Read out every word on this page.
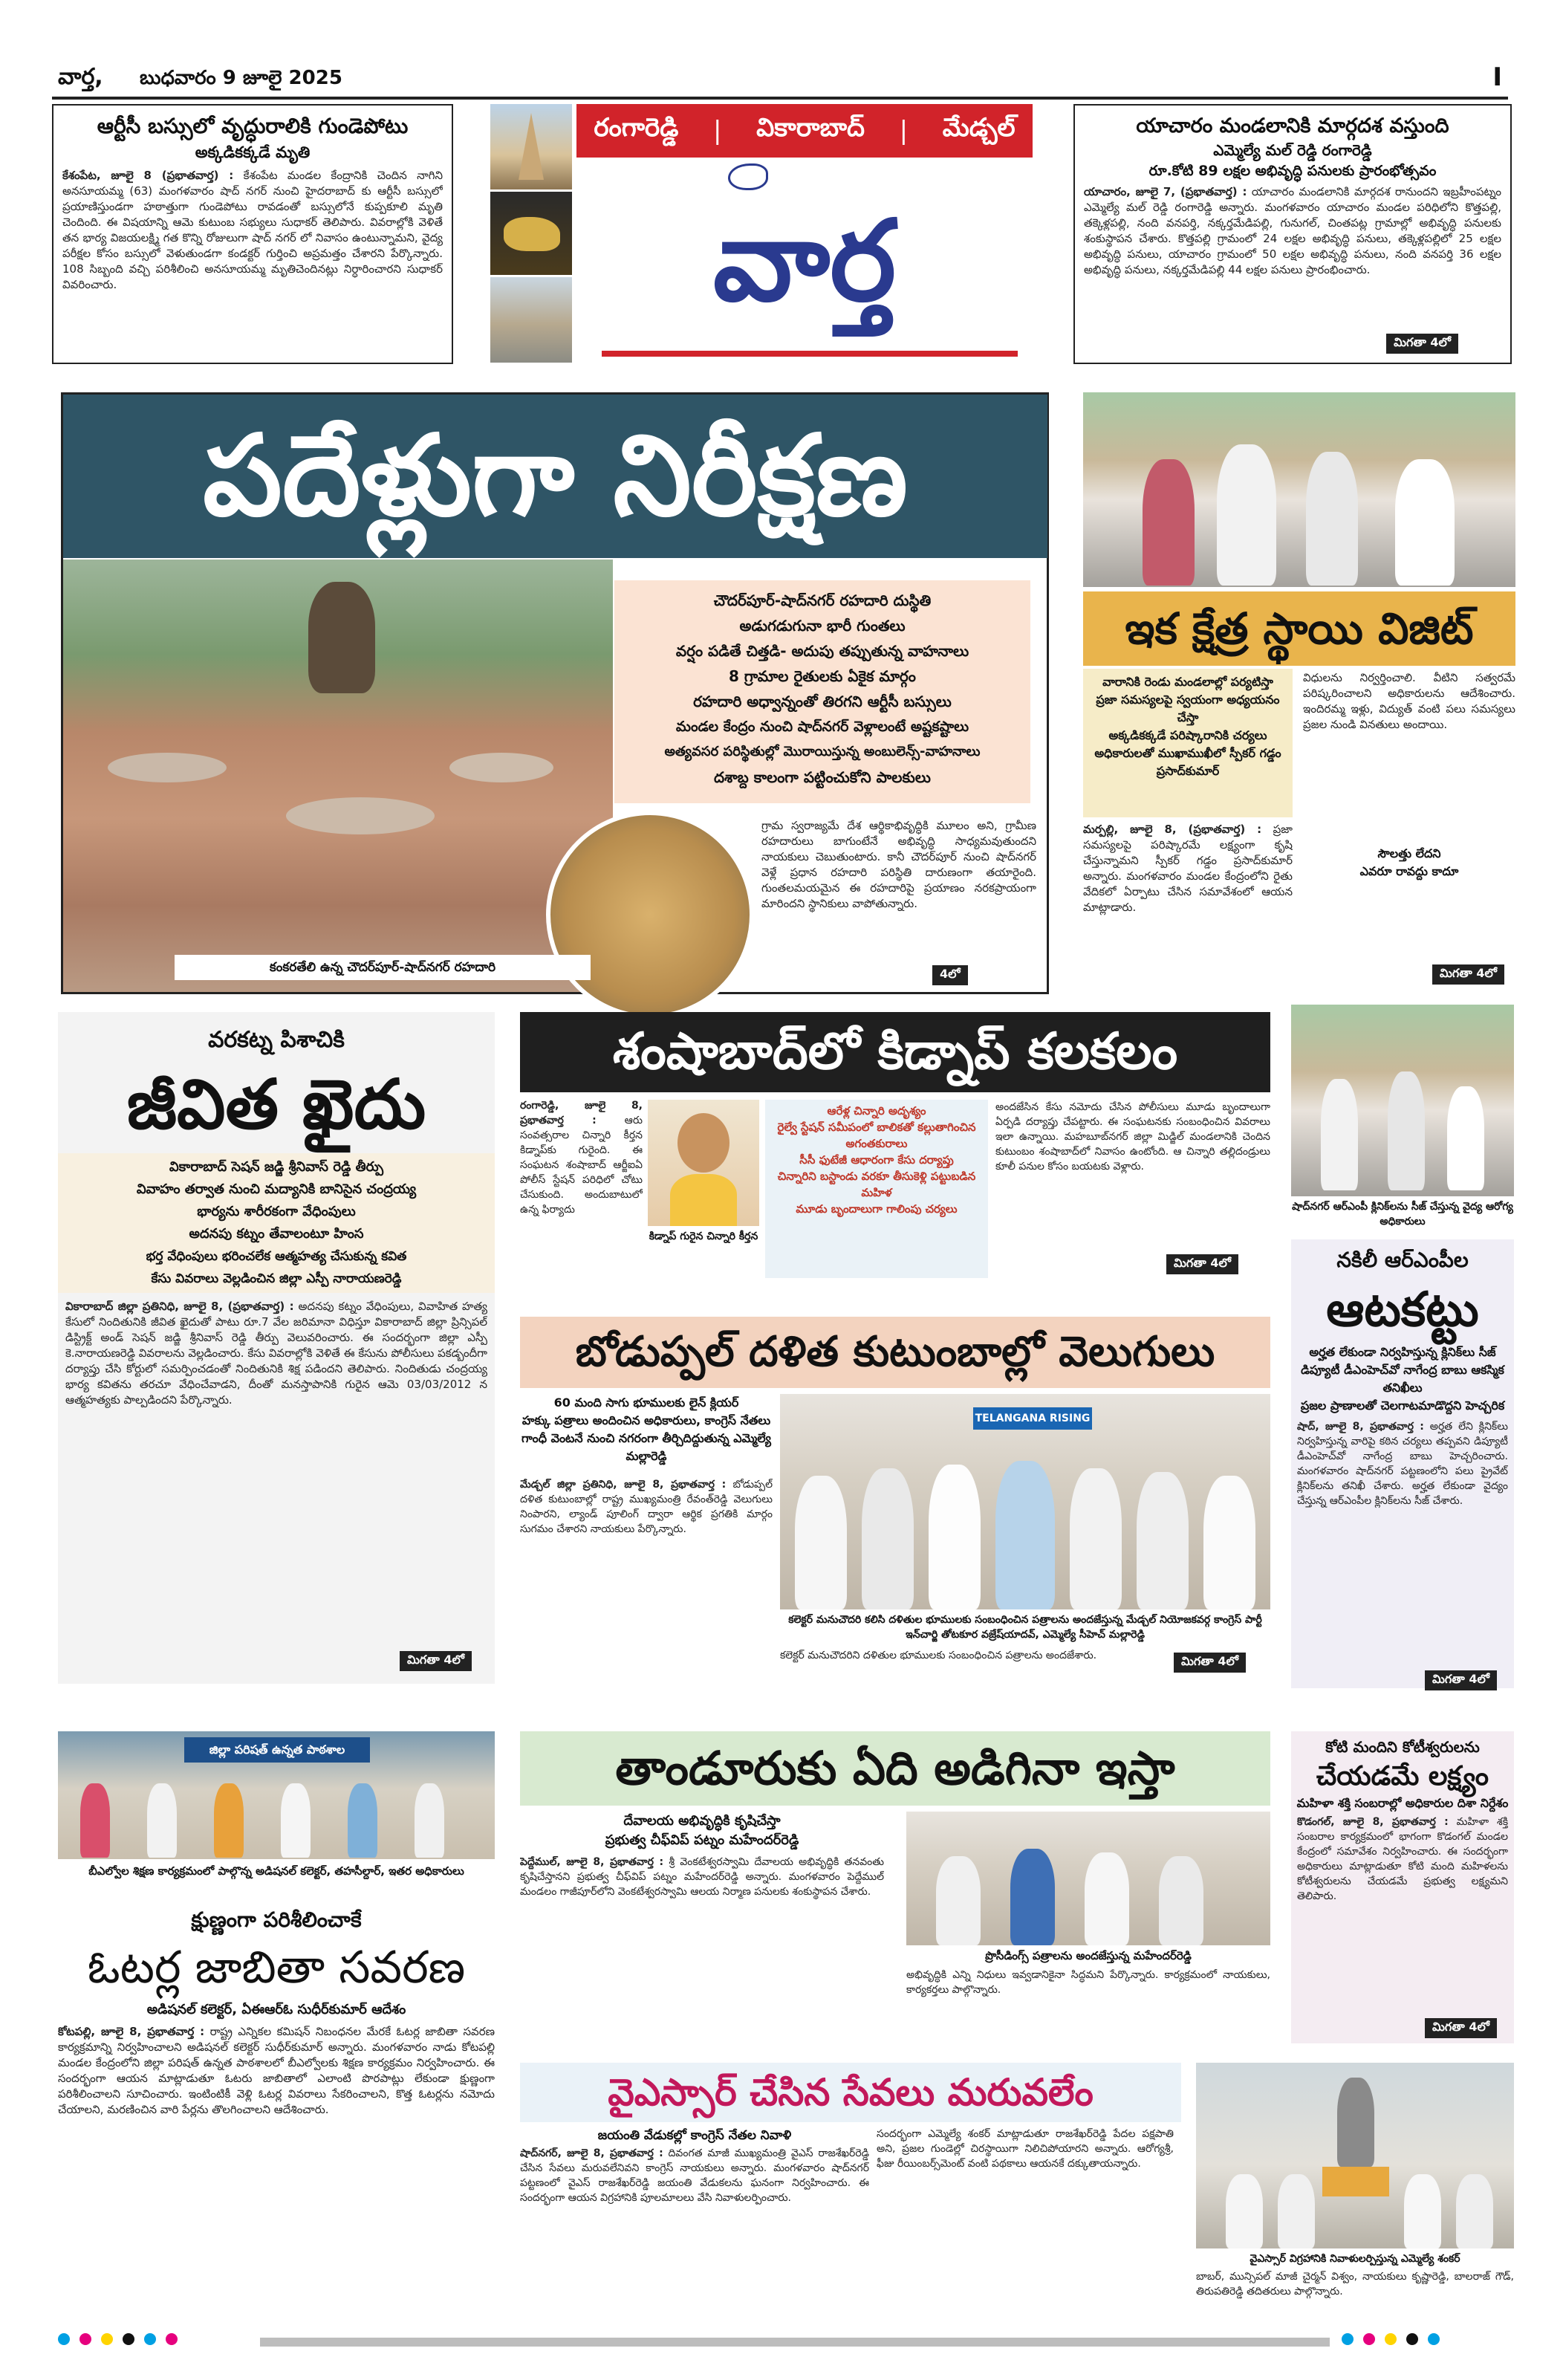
వార్త, బుధవారం 9 జూలై 2025	I
ఆర్టీసీ బస్సులో వృద్ధురాలికి గుండెపోటు
అక్కడికక్కడే మృతి
కేశంపేట, జూలై 8 (ప్రభాతవార్త) : కేశంపేట మండల కేంద్రానికి చెందిన నాగిని అనసూయమ్మ (63) మంగళవారం షాద్ నగర్ నుంచి హైదరాబాద్ కు ఆర్టీసీ బస్సులో ప్రయాణిస్తుండగా హఠాత్తుగా గుండెపోటు రావడంతో బస్సులోనే కుప్పకూలి మృతి చెందింది. ఈ విషయాన్ని ఆమె కుటుంబ సభ్యులు సుధాకర్ తెలిపారు. వివరాల్లోకి వెళితే తన భార్య విజయలక్ష్మి గత కొన్ని రోజులుగా షాద్ నగర్ లో నివాసం ఉంటున్నామని, వైద్య పరీక్షల కోసం బస్సులో వెళుతుండగా కండక్టర్ గుర్తించి అప్రమత్తం చేశారని పేర్కొన్నారు. 108 సిబ్బంది వచ్చి పరిశీలించి అనసూయమ్మ మృతిచెందినట్లు నిర్ధారించారని సుధాకర్ వివరించారు.
రంగారెడ్డి | వికారాబాద్ | మేడ్చల్
వార్త
యాచారం మండలానికి మార్గదశ వస్తుంది
ఎమ్మెల్యే మల్ రెడ్డి రంగారెడ్డి
రూ.కోటి 89 లక్షల అభివృద్ధి పనులకు ప్రారంభోత్సవం
యాచారం, జూలై 7, (ప్రభాతవార్త) : యాచారం మండలానికి మార్గదశ రానుందని ఇబ్రహీంపట్నం ఎమ్మెల్యే మల్ రెడ్డి రంగారెడ్డి అన్నారు. మంగళవారం యాచారం మండల పరిధిలోని కొత్తపల్లి, తక్కెళ్లపల్లి, నంది వనపర్తి, నక్కర్తమేడిపల్లి, గునుగల్, చింతపట్ల గ్రామాల్లో అభివృద్ధి పనులకు శంకుస్థాపన చేశారు. కొత్తపల్లి గ్రామంలో 24 లక్షల అభివృద్ధి పనులు, తక్కెళ్లపల్లిలో 25 లక్షల అభివృద్ధి పనులు, యాచారం గ్రామంలో 50 లక్షల అభివృద్ధి పనులు, నంది వనపర్తి 36 లక్షల అభివృద్ధి పనులు, నక్కర్తమేడిపల్లి 44 లక్షల పనులు ప్రారంభించారు.
మిగతా 4లో
పదేళ్లుగా నిరీక్షణ
కంకరతేలి ఉన్న చౌదర్‌పూర్-షాద్‌నగర్ రహదారి
చౌదర్‌పూర్-షాద్‌నగర్ రహదారి దుస్థితి
అడుగడుగునా భారీ గుంతలు
వర్షం పడితే చిత్తడి- అదుపు తప్పుతున్న వాహనాలు
8 గ్రామాల రైతులకు ఏకైక మార్గం
రహదారి అధ్వాన్నంతో తిరగని ఆర్టీసీ బస్సులు
మండల కేంద్రం నుంచి షాద్‌నగర్ వెళ్లాలంటే అష్టకష్టాలు
అత్యవసర పరిస్థితుల్లో మొరాయిస్తున్న అంబులెన్స్-వాహనాలు
దశాబ్ద కాలంగా పట్టించుకోని పాలకులు
గ్రామ స్వరాజ్యమే దేశ ఆర్థికాభివృద్ధికి మూలం అని, గ్రామీణ రహదారులు బాగుంటేనే అభివృద్ధి సాధ్యమవుతుందని నాయకులు చెబుతుంటారు. కానీ చౌదర్‌పూర్ నుంచి షాద్‌నగర్ వెళ్లే ప్రధాన రహదారి పరిస్థితి దారుణంగా తయారైంది. గుంతలమయమైన ఈ రహదారిపై ప్రయాణం నరకప్రాయంగా మారిందని స్థానికులు వాపోతున్నారు.
4లో
ఇక క్షేత్ర స్థాయి విజిట్
వారానికి రెండు మండలాల్లో పర్యటిస్తా
ప్రజా సమస్యలపై స్వయంగా అధ్యయనం చేస్తా
అక్కడికక్కడే పరిష్కారానికి చర్యలు
అధికారులతో ముఖాముఖీలో స్పీకర్ గడ్డం ప్రసాద్‌కుమార్
మర్పల్లి, జూలై 8, (ప్రభాతవార్త) : ప్రజా సమస్యలపై పరిష్కారమే లక్ష్యంగా కృషి చేస్తున్నామని స్పీకర్ గడ్డం ప్రసాద్‌కుమార్ అన్నారు. మంగళవారం మండల కేంద్రంలోని రైతు వేదికలో ఏర్పాటు చేసిన సమావేశంలో ఆయన మాట్లాడారు.
విధులను నిర్వర్తించాలి. వీటిని సత్వరమే పరిష్కరించాలని అధికారులను ఆదేశించారు. ఇందిరమ్మ ఇళ్లు, విద్యుత్ వంటి పలు సమస్యలు ప్రజల నుండి వినతులు అందాయి.
సౌలత్తు లేదని
ఎవరూ రావద్దు కాదూ
మిగతా 4లో
వరకట్న పిశాచికి
జీవిత ఖైదు
వికారాబాద్ సెషన్ జడ్జి శ్రీనివాస్ రెడ్డి తీర్పు
వివాహం తర్వాత నుంచి మద్యానికి బానిసైన చంద్రయ్య
భార్యను శారీరకంగా వేధింపులు
అదనపు కట్నం తేవాలంటూ హింస
భర్త వేధింపులు భరించలేక ఆత్మహత్య చేసుకున్న కవిత
కేసు వివరాలు వెల్లడించిన జిల్లా ఎస్పీ నారాయణరెడ్డి
వికారాబాద్ జిల్లా ప్రతినిధి, జూలై 8, (ప్రభాతవార్త) : అదనపు కట్నం వేధింపులు, వివాహిత హత్య కేసులో నిందితునికి జీవిత ఖైదుతో పాటు రూ.7 వేల జరిమానా విధిస్తూ వికారాబాద్ జిల్లా ప్రిన్సిపల్ డిస్ట్రిక్ట్ అండ్ సెషన్ జడ్జి శ్రీనివాస్ రెడ్డి తీర్పు వెలువరించారు. ఈ సందర్భంగా జిల్లా ఎస్పీ కె.నారాయణరెడ్డి వివరాలను వెల్లడించారు. కేసు వివరాల్లోకి వెళితే ఈ కేసును పోలీసులు పకడ్బందీగా దర్యాప్తు చేసి కోర్టులో సమర్పించడంతో నిందితునికి శిక్ష పడిందని తెలిపారు. నిందితుడు చంద్రయ్య భార్య కవితను తరచూ వేధించేవాడని, దీంతో మనస్తాపానికి గురైన ఆమె 03/03/2012 న ఆత్మహత్యకు పాల్పడిందని పేర్కొన్నారు.
మిగతా 4లో
శంషాబాద్‌లో కిడ్నాప్ కలకలం
రంగారెడ్డి, జూలై 8, ప్రభాతవార్త :	ఆరు సంవత్సరాల చిన్నారి కీర్తన కిడ్నాప్‌కు గురైంది. ఈ సంఘటన శంషాబాద్ ఆర్జీఐఏ పోలీస్ స్టేషన్ పరిధిలో చోటు చేసుకుంది. అందుబాటులో ఉన్న ఫిర్యాదు
కిడ్నాప్ గురైన చిన్నారి కీర్తన
ఆరేళ్ల చిన్నారి అదృశ్యం
రైల్వే స్టేషన్ సమీపంలో బాలికతో కల్లుతాగించిన అగంతకురాలు
సీసీ ఫుటేజీ ఆధారంగా కేసు దర్యాప్తు
చిన్నారిని బస్టాండు వరకూ తీసుకెళ్లి పట్టుబడిన మహిళ
మూడు బృందాలుగా గాలింపు చర్యలు
అందజేసిన కేసు నమోదు చేసిన పోలీసులు మూడు బృందాలుగా ఏర్పడి దర్యాప్తు చేపట్టారు. ఈ సంఘటనకు సంబంధించిన వివరాలు ఇలా ఉన్నాయి. మహబూబ్‌నగర్ జిల్లా మిడ్జిల్ మండలానికి చెందిన కుటుంబం శంషాబాద్‌లో నివాసం ఉంటోంది. ఆ చిన్నారి తల్లిదండ్రులు కూలీ పనుల కోసం బయటకు వెళ్లారు.
మిగతా 4లో
షాద్‌నగర్ ఆర్‌ఎంపీ క్లినిక్‌లను సీజ్ చేస్తున్న వైద్య ఆరోగ్య అధికారులు
నకిలీ ఆర్‌ఎంపీల
ఆటకట్టు
అర్హత లేకుండా నిర్వహిస్తున్న క్లినిక్‌లు సీజ్
డిప్యూటీ డీఎంహెచ్‌వో నాగేంద్ర బాబు ఆకస్మిక తనిఖీలు
ప్రజల ప్రాణాలతో చెలగాటమాడొద్దని హెచ్చరిక
షాద్, జూలై 8, ప్రభాతవార్త : అర్హత లేని క్లినిక్‌లు నిర్వహిస్తున్న వారిపై కఠిన చర్యలు తప్పవని డిప్యూటీ డీఎంహెచ్‌వో నాగేంద్ర బాబు హెచ్చరించారు. మంగళవారం షాద్‌నగర్ పట్టణంలోని పలు ప్రైవేట్ క్లినిక్‌లను తనిఖీ చేశారు. అర్హత లేకుండా వైద్యం చేస్తున్న ఆర్‌ఎంపీల క్లినిక్‌లను సీజ్ చేశారు.
మిగతా 4లో
బోడుప్పల్ దళిత కుటుంబాల్లో వెలుగులు
60 మంది సాగు భూములకు లైన్ క్లియర్
హక్కు పత్రాలు అందించిన అధికారులు, కాంగ్రెస్ నేతలు
గాంధీ వెంటనే నుంచి నగరంగా తీర్చిదిద్దుతున్న ఎమ్మెల్యే మల్లారెడ్డి
మేడ్చల్ జిల్లా ప్రతినిధి, జూలై 8, ప్రభాతవార్త : బోడుప్పల్ దళిత కుటుంబాల్లో రాష్ట్ర ముఖ్యమంత్రి రేవంత్‌రెడ్డి వెలుగులు నింపారని, ల్యాండ్ పూలింగ్ ద్వారా ఆర్థిక ప్రగతికి మార్గం సుగమం చేశారని నాయకులు పేర్కొన్నారు.
TELANGANA RISING
కలెక్టర్ మనుచౌదరి కలిసి దళితుల భూములకు సంబంధించిన పత్రాలను అందజేస్తున్న మేడ్చల్ నియోజకవర్గ కాంగ్రెస్ పార్టీ ఇన్‌చార్జి తోటకూర వజ్రేష్‌యాదవ్, ఎమ్మెల్యే సీహెచ్ మల్లారెడ్డి
కలెక్టర్ మనుచౌదరిని దళితుల భూములకు సంబంధించిన పత్రాలను అందజేశారు.	మిగతా 4లో
జిల్లా పరిషత్ ఉన్నత పాఠశాల
బీఎల్వోల శిక్షణ కార్యక్రమంలో పాల్గొన్న అడిషనల్ కలెక్టర్, తహసీల్దార్, ఇతర అధికారులు
క్షుణ్ణంగా పరిశీలించాకే
ఓటర్ల జాబితా సవరణ
అడిషనల్ కలెక్టర్, ఏఈఆర్‌ఓ సుధీర్‌కుమార్ ఆదేశం
కోటపల్లి, జూలై 8, ప్రభాతవార్త : రాష్ట్ర ఎన్నికల కమిషన్ నిబంధనల మేరకే ఓటర్ల జాబితా సవరణ కార్యక్రమాన్ని నిర్వహించాలని అడిషనల్ కలెక్టర్ సుధీర్‌కుమార్ అన్నారు. మంగళవారం నాడు కోటపల్లి మండల కేంద్రంలోని జిల్లా పరిషత్ ఉన్నత పాఠశాలలో బీఎల్వోలకు శిక్షణ కార్యక్రమం నిర్వహించారు. ఈ సందర్భంగా ఆయన మాట్లాడుతూ ఓటరు జాబితాలో ఎలాంటి పొరపాట్లు లేకుండా క్షుణ్ణంగా పరిశీలించాలని సూచించారు. ఇంటింటికీ వెళ్లి ఓటర్ల వివరాలు సేకరించాలని, కొత్త ఓటర్లను నమోదు చేయాలని, మరణించిన వారి పేర్లను తొలగించాలని ఆదేశించారు.
తాండూరుకు ఏది అడిగినా ఇస్తా
దేవాలయ అభివృద్ధికి కృషిచేస్తా
ప్రభుత్వ చీఫ్‌విప్ పట్నం మహేందర్‌రెడ్డి
పెద్దేముల్, జూలై 8, ప్రభాతవార్త : శ్రీ వెంకటేశ్వరస్వామి దేవాలయ అభివృద్ధికి తనవంతు కృషిచేస్తానని ప్రభుత్వ చీఫ్‌విప్ పట్నం మహేందర్‌రెడ్డి అన్నారు. మంగళవారం పెద్దేముల్ మండలం గాజీపూర్‌లోని వెంకటేశ్వరస్వామి ఆలయ నిర్మాణ పనులకు శంకుస్థాపన చేశారు.
ప్రొసీడింగ్స్ పత్రాలను అందజేస్తున్న మహేందర్‌రెడ్డి
అభివృద్ధికి ఎన్ని నిధులు ఇవ్వడానికైనా సిద్ధమని పేర్కొన్నారు. కార్యక్రమంలో నాయకులు, కార్యకర్తలు పాల్గొన్నారు.
కోటి మందిని కోటీశ్వరులను
చేయడమే లక్ష్యం
మహిళా శక్తి సంబరాల్లో అధికారుల దిశా నిర్దేశం
కొడంగల్, జూలై 8, ప్రభాతవార్త : మహిళా శక్తి సంబరాల కార్యక్రమంలో భాగంగా కొడంగల్ మండల కేంద్రంలో సమావేశం నిర్వహించారు. ఈ సందర్భంగా అధికారులు మాట్లాడుతూ కోటి మంది మహిళలను కోటీశ్వరులను చేయడమే ప్రభుత్వ లక్ష్యమని తెలిపారు.
మిగతా 4లో
వైఎస్సార్ చేసిన సేవలు మరువలేం
జయంతి వేడుకల్లో కాంగ్రెస్ నేతల నివాళి
షాద్‌నగర్, జూలై 8, ప్రభాతవార్త : దివంగత మాజీ ముఖ్యమంత్రి వైఎస్ రాజశేఖర్‌రెడ్డి చేసిన సేవలు మరువలేనివని కాంగ్రెస్ నాయకులు అన్నారు. మంగళవారం షాద్‌నగర్ పట్టణంలో వైఎస్ రాజశేఖర్‌రెడ్డి జయంతి వేడుకలను ఘనంగా నిర్వహించారు. ఈ సందర్భంగా ఆయన విగ్రహానికి పూలమాలలు వేసి నివాళులర్పించారు.
సందర్భంగా ఎమ్మెల్యే శంకర్ మాట్లాడుతూ రాజశేఖర్‌రెడ్డి పేదల పక్షపాతి అని, ప్రజల గుండెల్లో చిరస్థాయిగా నిలిచిపోయారని అన్నారు. ఆరోగ్యశ్రీ, ఫీజు రీయింబర్స్‌మెంట్ వంటి పథకాలు ఆయనకే దక్కుతాయన్నారు.
వైఎస్సార్ విగ్రహానికి నివాళులర్పిస్తున్న ఎమ్మెల్యే శంకర్
బాబర్, మున్సిపల్ మాజీ చైర్మన్ విశ్వం, నాయకులు కృష్ణారెడ్డి, బాలరాజ్ గౌడ్, తిరుపతిరెడ్డి తదితరులు పాల్గొన్నారు.
